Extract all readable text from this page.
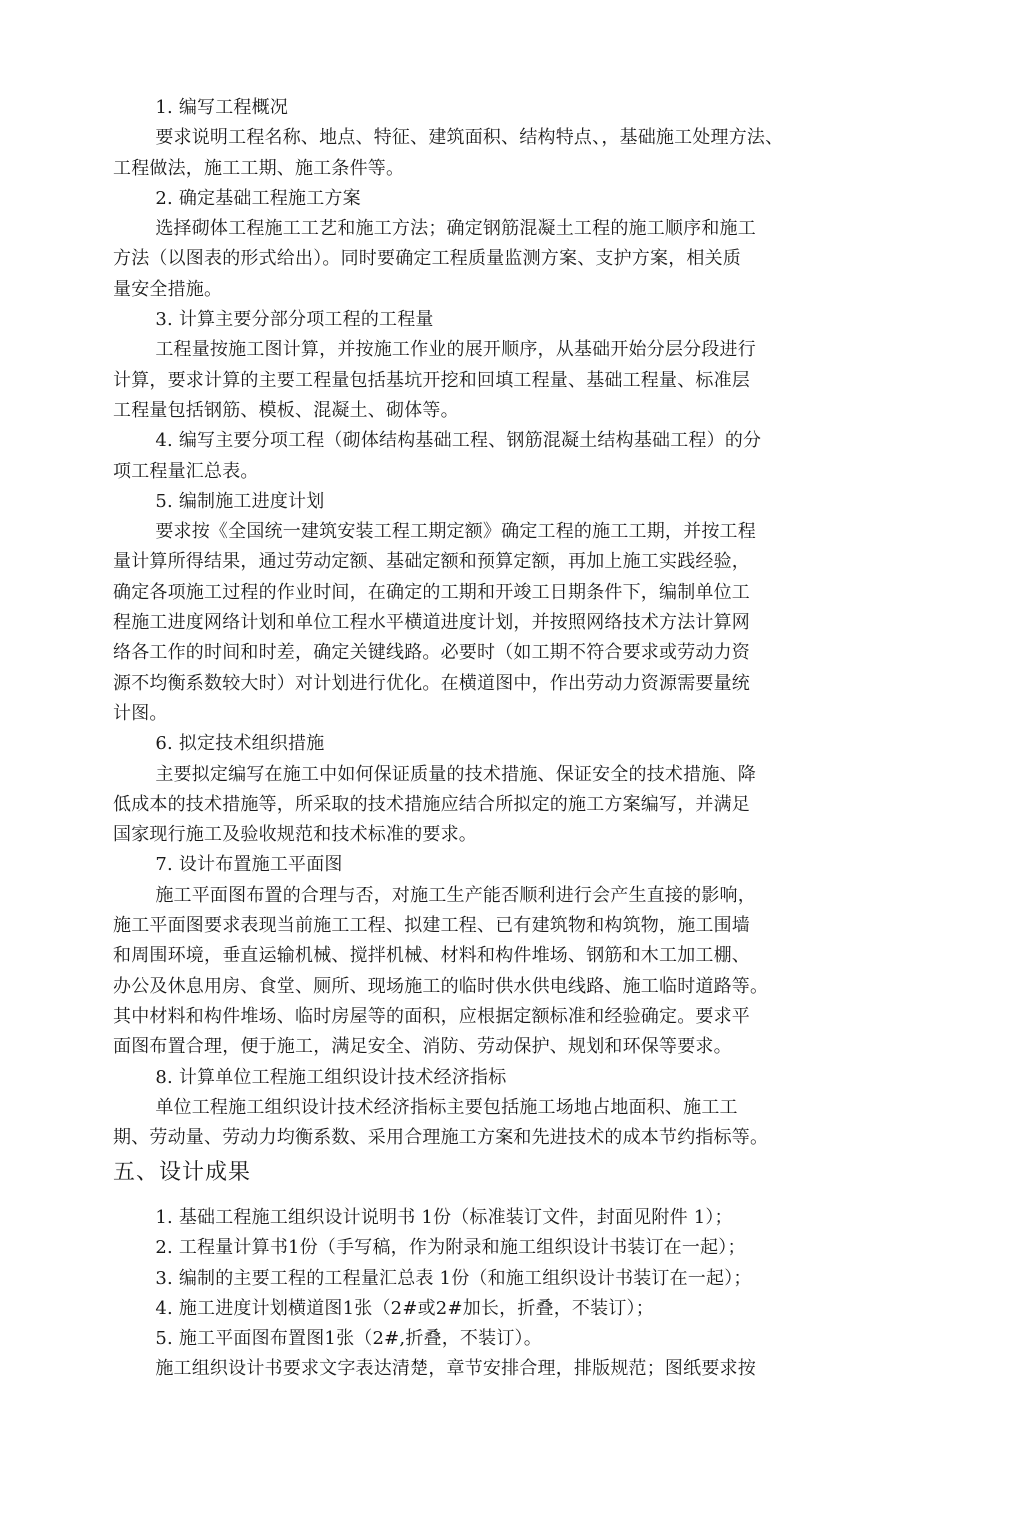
　　 1. 编写工程概况
　　 要求说明工程名称、地点、特征、建筑面积、结构特点、，基础施工处理方法、
工程做法，施工工期、施工条件等。
　　 2. 确定基础工程施工方案
　　 选择砌体工程施工工艺和施工方法；确定钢筋混凝土工程的施工顺序和施工
方法（以图表的形式给出）。同时要确定工程质量监测方案、支护方案，相关质
量安全措施。
　　 3. 计算主要分部分项工程的工程量
　　 工程量按施工图计算，并按施工作业的展开顺序，从基础开始分层分段进行
计算，要求计算的主要工程量包括基坑开挖和回填工程量、基础工程量、标准层
工程量包括钢筋、模板、混凝土、砌体等。
　　 4. 编写主要分项工程（砌体结构基础工程、钢筋混凝土结构基础工程）的分
项工程量汇总表。
　　 5. 编制施工进度计划
　　 要求按《全国统一建筑安装工程工期定额》确定工程的施工工期，并按工程
量计算所得结果，通过劳动定额、基础定额和预算定额，再加上施工实践经验，
确定各项施工过程的作业时间，在确定的工期和开竣工日期条件下，编制单位工
程施工进度网络计划和单位工程水平横道进度计划，并按照网络技术方法计算网
络各工作的时间和时差，确定关键线路。必要时（如工期不符合要求或劳动力资
源不均衡系数较大时）对计划进行优化。在横道图中，作出劳动力资源需要量统
计图。
　　 6. 拟定技术组织措施
　　 主要拟定编写在施工中如何保证质量的技术措施、保证安全的技术措施、降
低成本的技术措施等，所采取的技术措施应结合所拟定的施工方案编写，并满足
国家现行施工及验收规范和技术标准的要求。
　　 7. 设计布置施工平面图
　　 施工平面图布置的合理与否，对施工生产能否顺利进行会产生直接的影响，
施工平面图要求表现当前施工工程、拟建工程、已有建筑物和构筑物，施工围墙
和周围环境，垂直运输机械、搅拌机械、材料和构件堆场、钢筋和木工加工棚、
办公及休息用房、食堂、厕所、现场施工的临时供水供电线路、施工临时道路等。
其中材料和构件堆场、临时房屋等的面积，应根据定额标准和经验确定。要求平
面图布置合理，便于施工，满足安全、消防、劳动保护、规划和环保等要求。
　　 8. 计算单位工程施工组织设计技术经济指标
　　 单位工程施工组织设计技术经济指标主要包括施工场地占地面积、施工工
期、劳动量、劳动力均衡系数、采用合理施工方案和先进技术的成本节约指标等。

五、设计成果

　　 1. 基础工程施工组织设计说明书 1份（标准装订文件，封面见附件 1）；
　　 2. 工程量计算书1份（手写稿，作为附录和施工组织设计书装订在一起）；
　　 3. 编制的主要工程的工程量汇总表 1份（和施工组织设计书装订在一起）；
　　 4. 施工进度计划横道图1张（2#或2#加长，折叠，不装订）；
　　 5. 施工平面图布置图1张（2#,折叠，不装订）。
　　 施工组织设计书要求文字表达清楚，章节安排合理，排版规范；图纸要求按
